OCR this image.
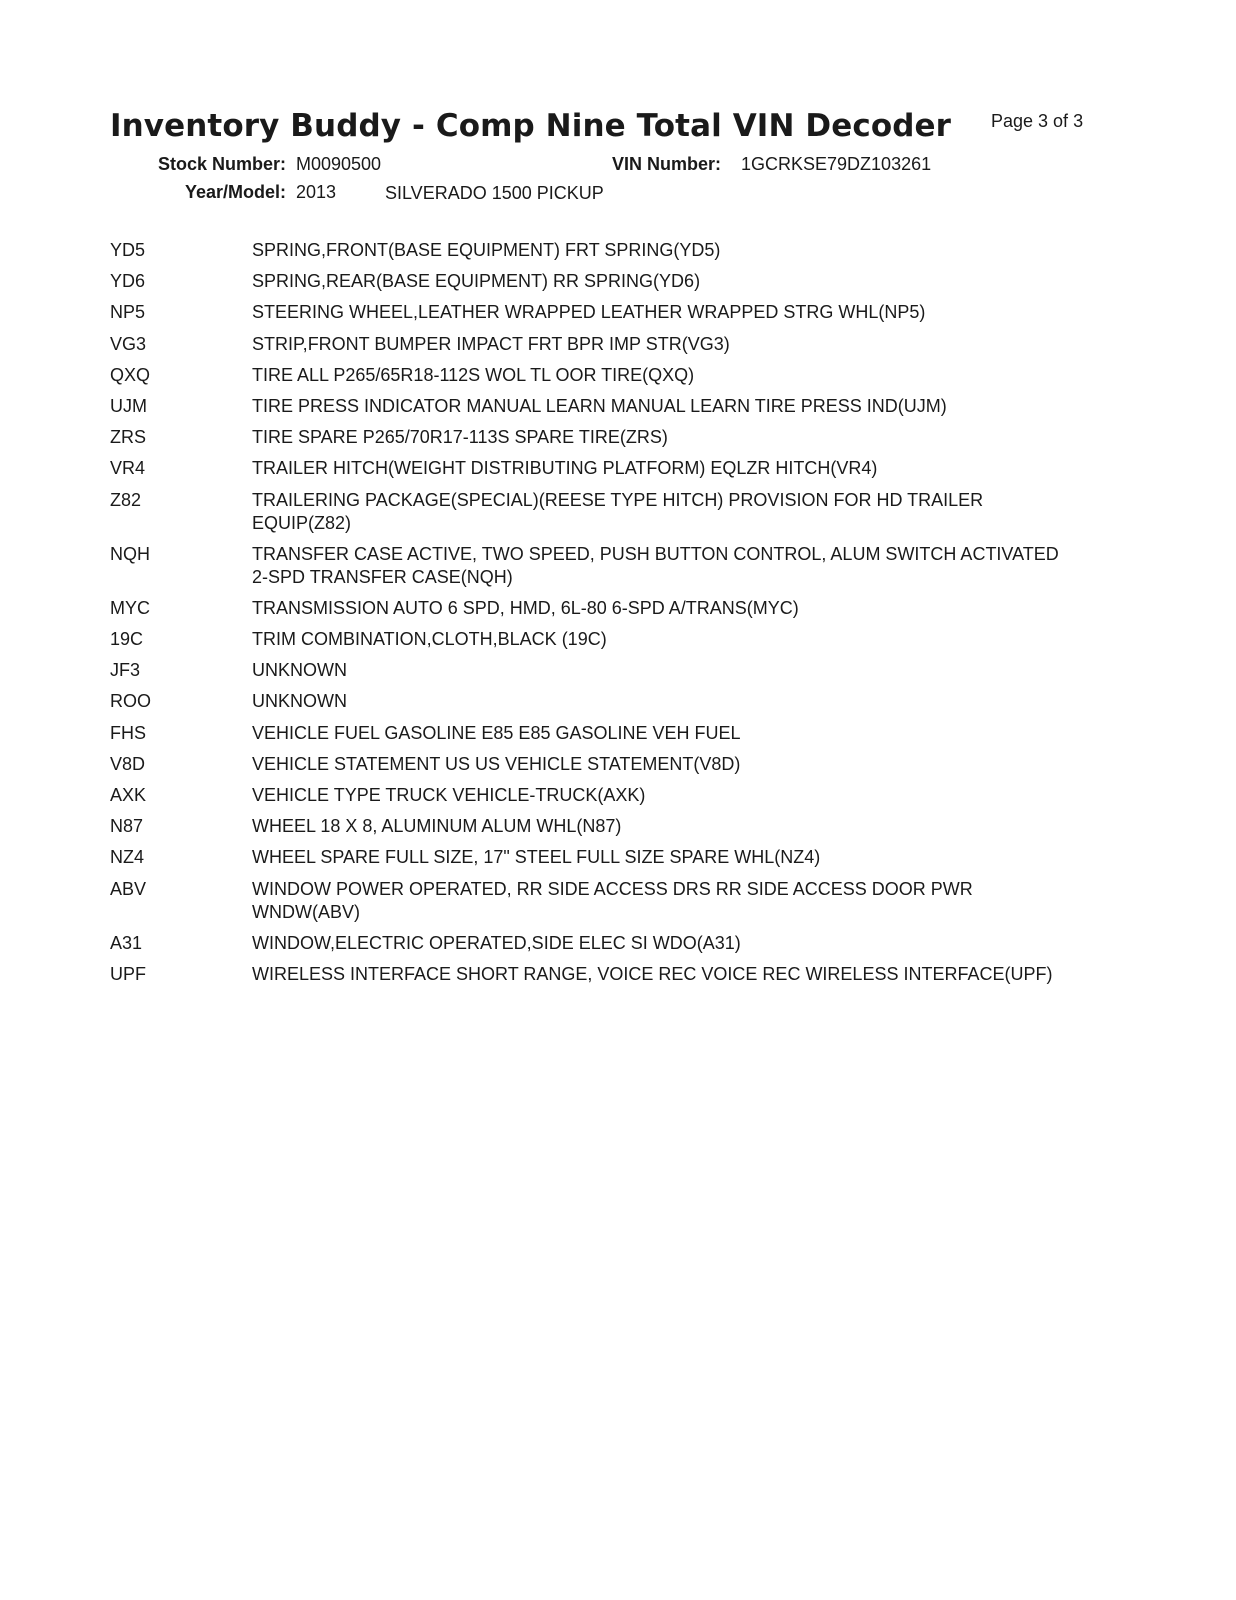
Inventory Buddy - Comp Nine Total VIN Decoder Page 3 of 3
Stock Number: M0090500	VIN Number: 1GCRKSE79DZ103261
Year/Model: 2013	SILVERADO 1500 PICKUP
YD5	SPRING,FRONT(BASE EQUIPMENT) FRT SPRING(YD5)
YD6	SPRING,REAR(BASE EQUIPMENT) RR SPRING(YD6)
NP5	STEERING WHEEL,LEATHER WRAPPED LEATHER WRAPPED STRG WHL(NP5)
VG3	STRIP,FRONT BUMPER IMPACT FRT BPR IMP STR(VG3)
QXQ	TIRE ALL P265/65R18-112S WOL TL OOR TIRE(QXQ)
UJM	TIRE PRESS INDICATOR MANUAL LEARN MANUAL LEARN TIRE PRESS IND(UJM)
ZRS	TIRE SPARE P265/70R17-113S SPARE TIRE(ZRS)
VR4	TRAILER HITCH(WEIGHT DISTRIBUTING PLATFORM) EQLZR HITCH(VR4)
Z82	TRAILERING PACKAGE(SPECIAL)(REESE TYPE HITCH) PROVISION FOR HD TRAILER EQUIP(Z82)
NQH	TRANSFER CASE ACTIVE, TWO SPEED, PUSH BUTTON CONTROL, ALUM SWITCH ACTIVATED 2-SPD TRANSFER CASE(NQH)
MYC	TRANSMISSION AUTO 6 SPD, HMD, 6L-80 6-SPD A/TRANS(MYC)
19C	TRIM COMBINATION,CLOTH,BLACK (19C)
JF3	UNKNOWN
ROO	UNKNOWN
FHS	VEHICLE FUEL GASOLINE E85 E85 GASOLINE VEH FUEL
V8D	VEHICLE STATEMENT US US VEHICLE STATEMENT(V8D)
AXK	VEHICLE TYPE TRUCK VEHICLE-TRUCK(AXK)
N87	WHEEL 18 X 8, ALUMINUM ALUM WHL(N87)
NZ4	WHEEL SPARE FULL SIZE, 17" STEEL FULL SIZE SPARE WHL(NZ4)
ABV	WINDOW POWER OPERATED, RR SIDE ACCESS DRS RR SIDE ACCESS DOOR PWR WNDW(ABV)
A31	WINDOW,ELECTRIC OPERATED,SIDE ELEC SI WDO(A31)
UPF	WIRELESS INTERFACE SHORT RANGE, VOICE REC VOICE REC WIRELESS INTERFACE(UPF)
